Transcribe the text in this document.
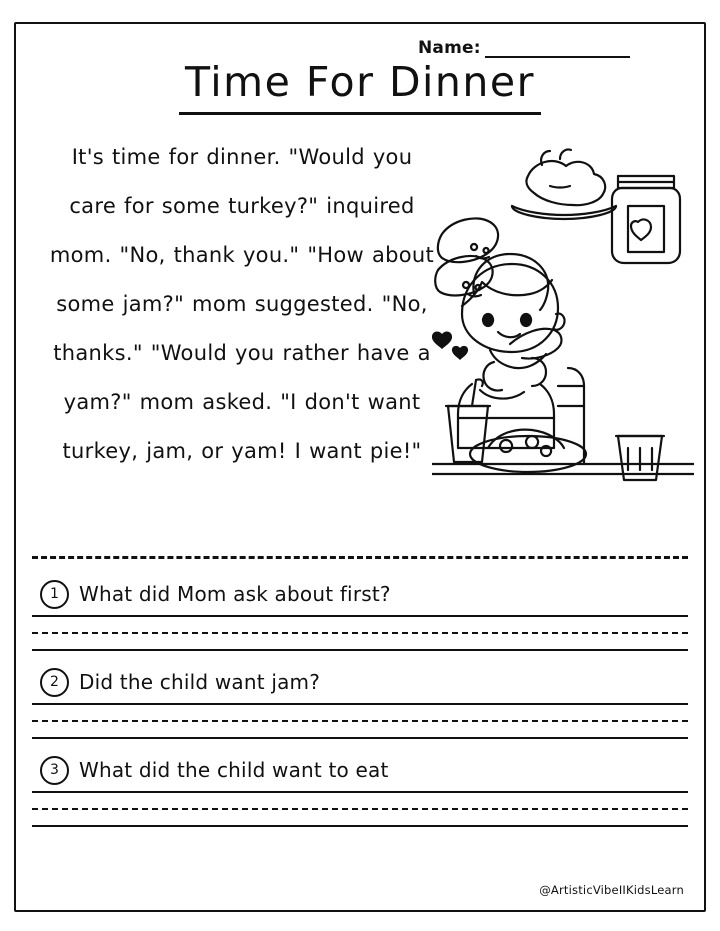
Name:
Time For Dinner
It's time for dinner. "Would you care for some turkey?" inquired mom. "No, thank you." "How about some jam?" mom suggested. "No, thanks." "Would you rather have a yam?" mom asked. "I don't want turkey, jam, or yam! I want pie!"
1	What did Mom ask about first?
2	Did the child want jam?
3	What did the child want to eat
@ArtisticVibeIIKidsLearn
